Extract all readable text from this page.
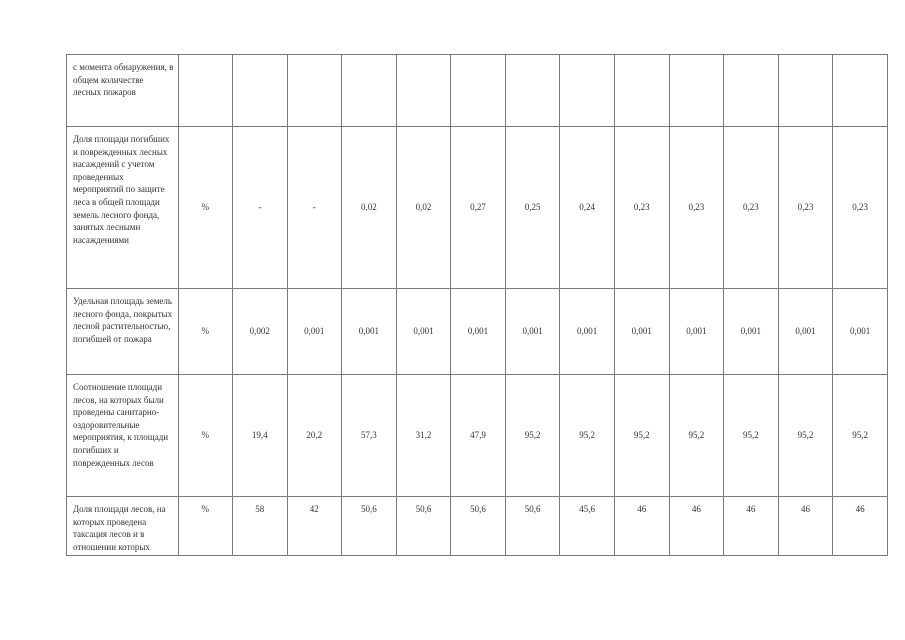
с момента обнаружения, в общем количестве лесных пожаров													
Доля площади погибших и поврежденных лесных насаждений с учетом проведенных мероприятий по защите леса в общей площади земель лесного фонда, занятых лесными насаждениями	%	-	-	0,02	0,02	0,27	0,25	0,24	0,23	0,23	0,23	0,23	0,23
Удельная площадь земель лесного фонда, покрытых лесной растительностью, погибшей от пожара	%	0,002	0,001	0,001	0,001	0,001	0,001	0,001	0,001	0,001	0,001	0,001	0,001
Соотношение площади лесов, на которых были проведены санитарно-оздоровительные мероприятия, к площади погибших и поврежденных лесов	%	19,4	20,2	57,3	31,2	47,9	95,2	95,2	95,2	95,2	95,2	95,2	95,2
Доля площади лесов, на которых проведена таксация лесов и в отношении которых	%	58	42	50,6	50,6	50,6	50,6	45,6	46	46	46	46	46
